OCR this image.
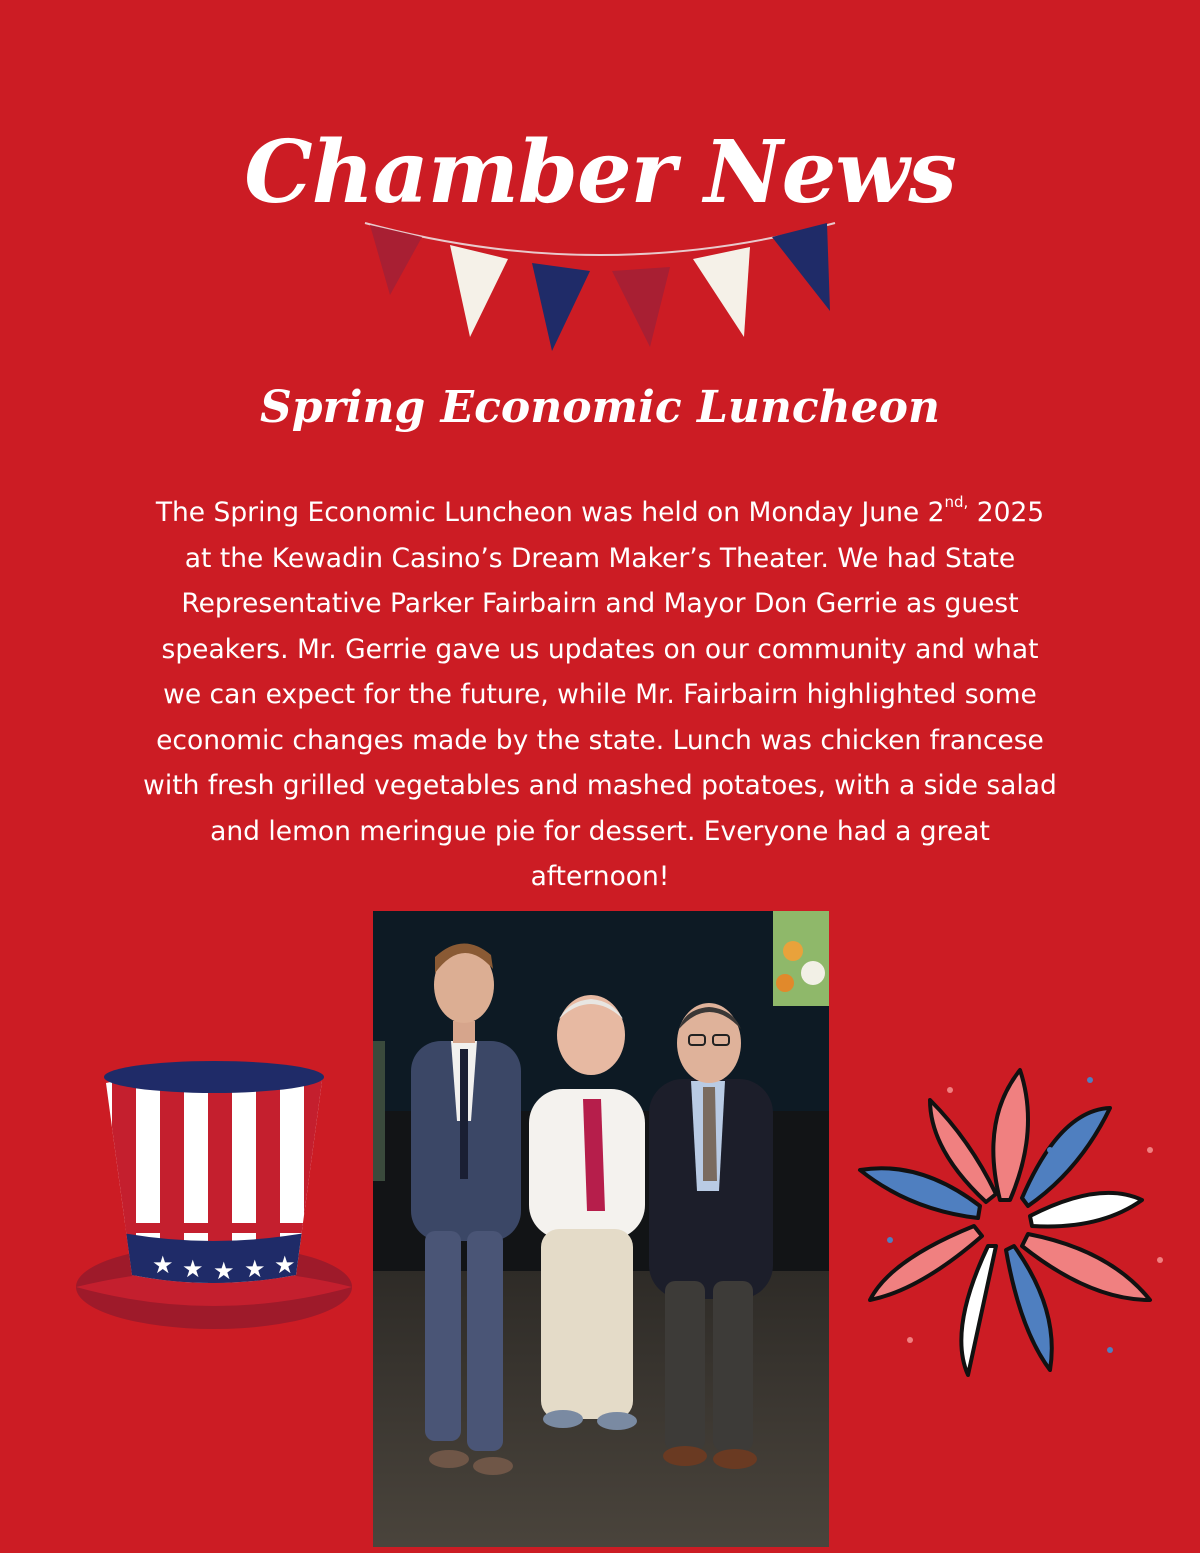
Chamber News
Spring Economic Luncheon
The Spring Economic Luncheon was held on Monday June $2^{nd,}$ 2025 at the Kewadin Casino’s Dream Maker’s Theater. We had State Representative Parker Fairbairn and Mayor Don Gerrie as guest speakers. Mr. Gerrie gave us updates on our community and what we can expect for the future, while Mr. Fairbairn highlighted some economic changes made by the state. Lunch was chicken francese with fresh grilled vegetables and mashed potatoes, with a side salad and lemon meringue pie for dessert. Everyone had a great afternoon!
★ ★ ★ ★ ★
